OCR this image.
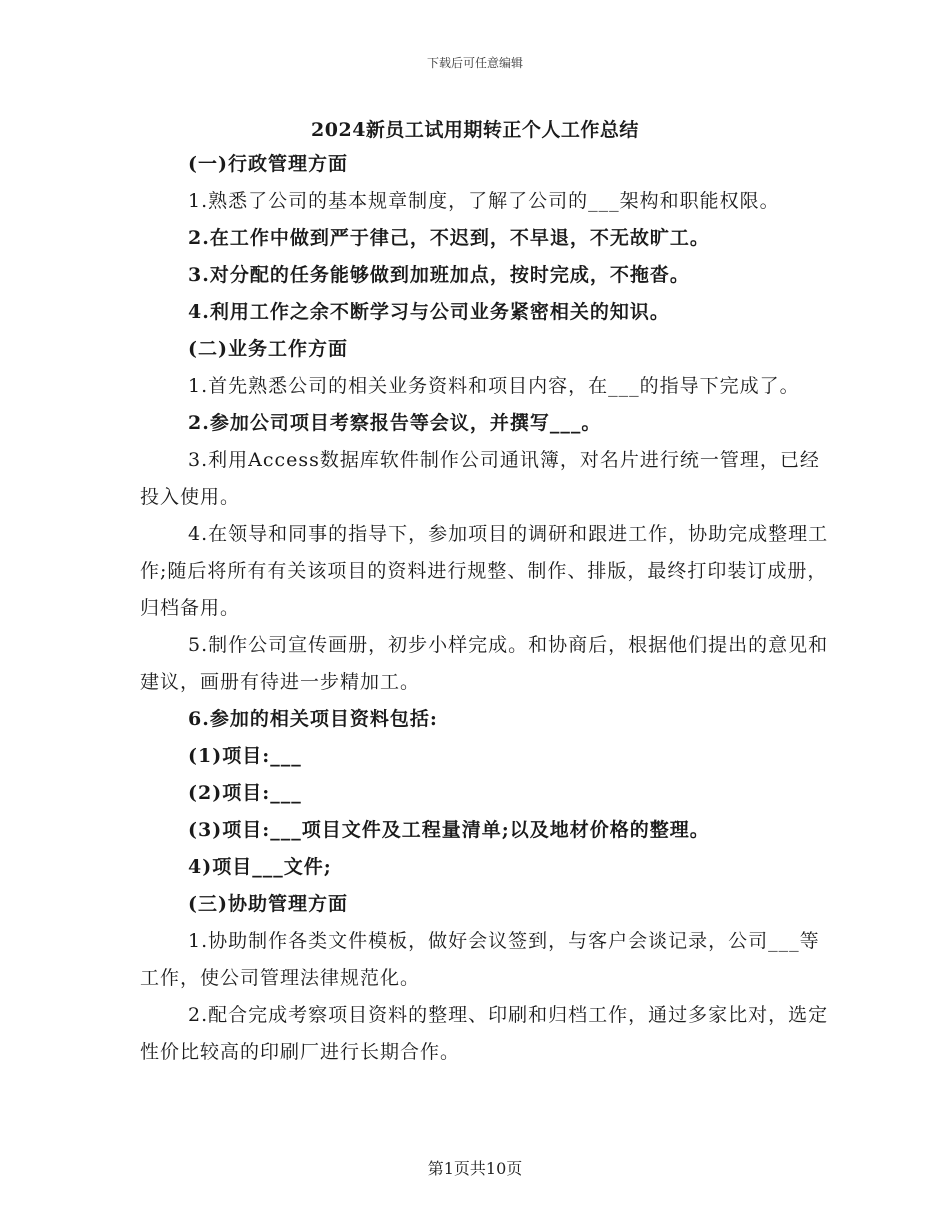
下载后可任意编辑
2024新员工试用期转正个人工作总结

(一)行政管理方面

1.熟悉了公司的基本规章制度，了解了公司的___架构和职能权限。

2.在工作中做到严于律己，不迟到，不早退，不无故旷工。

3.对分配的任务能够做到加班加点，按时完成，不拖沓。

4.利用工作之余不断学习与公司业务紧密相关的知识。

(二)业务工作方面

1.首先熟悉公司的相关业务资料和项目内容，在___的指导下完成了。

2.参加公司项目考察报告等会议，并撰写___。

3.利用Access数据库软件制作公司通讯簿，对名片进行统一管理，已经投入使用。

4.在领导和同事的指导下，参加项目的调研和跟进工作，协助完成整理工作;随后将所有有关该项目的资料进行规整、制作、排版，最终打印装订成册，归档备用。

5.制作公司宣传画册，初步小样完成。和协商后，根据他们提出的意见和建议，画册有待进一步精加工。

6.参加的相关项目资料包括:

(1)项目:___

(2)项目:___

(3)项目:___项目文件及工程量清单;以及地材价格的整理。

4)项目___文件;

(三)协助管理方面

1.协助制作各类文件模板，做好会议签到，与客户会谈记录，公司___等工作，使公司管理法律规范化。

2.配合完成考察项目资料的整理、印刷和归档工作，通过多家比对，选定性价比较高的印刷厂进行长期合作。

第1页共10页
